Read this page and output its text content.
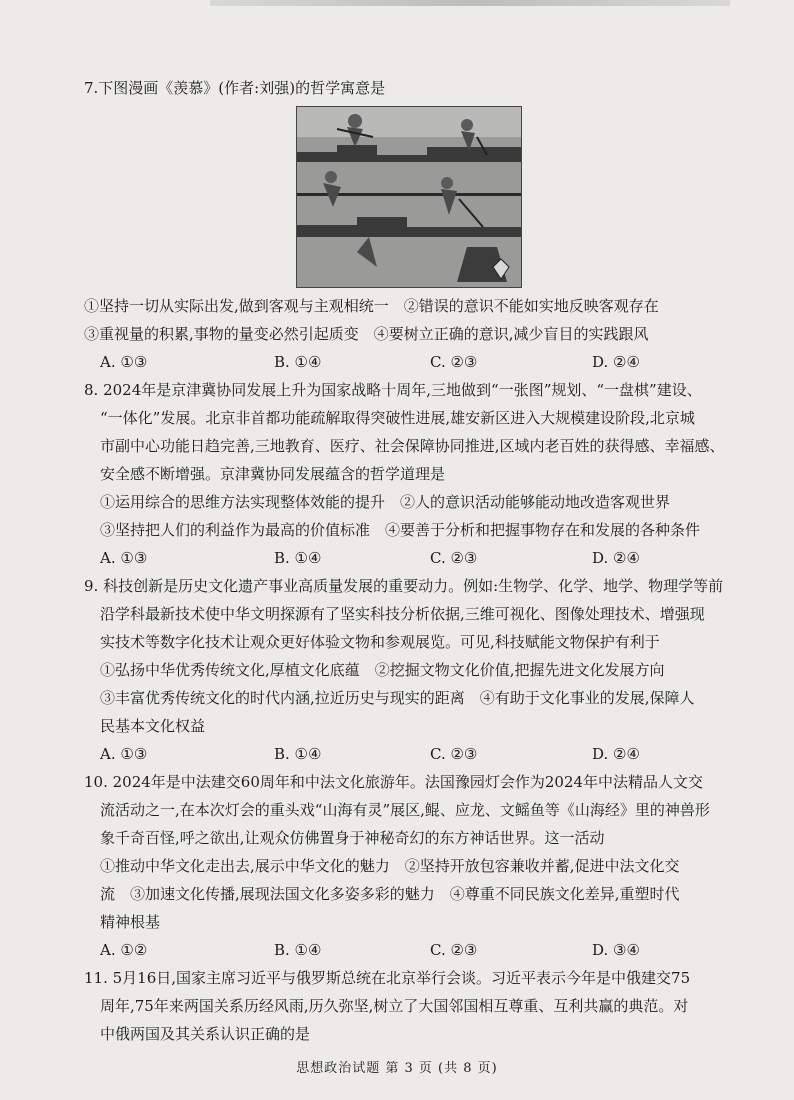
7.下图漫画《羡慕》(作者:刘强)的哲学寓意是
①坚持一切从实际出发,做到客观与主观相统一　②错误的意识不能如实地反映客观存在
③重视量的积累,事物的量变必然引起质变　④要树立正确的意识,减少盲目的实践跟风
A. ①③	B. ①④	C. ②③	D. ②④
8. 2024年是京津冀协同发展上升为国家战略十周年,三地做到“一张图”规划、“一盘棋”建设、
“一体化”发展。北京非首都功能疏解取得突破性进展,雄安新区进入大规模建设阶段,北京城
市副中心功能日趋完善,三地教育、医疗、社会保障协同推进,区域内老百姓的获得感、幸福感、
安全感不断增强。京津冀协同发展蕴含的哲学道理是
①运用综合的思维方法实现整体效能的提升　②人的意识活动能够能动地改造客观世界
③坚持把人们的利益作为最高的价值标准　④要善于分析和把握事物存在和发展的各种条件
A. ①③	B. ①④	C. ②③	D. ②④
9. 科技创新是历史文化遗产事业高质量发展的重要动力。例如:生物学、化学、地学、物理学等前
沿学科最新技术使中华文明探源有了坚实科技分析依据,三维可视化、图像处理技术、增强现
实技术等数字化技术让观众更好体验文物和参观展览。可见,科技赋能文物保护有利于
①弘扬中华优秀传统文化,厚植文化底蕴　②挖掘文物文化价值,把握先进文化发展方向
③丰富优秀传统文化的时代内涵,拉近历史与现实的距离　④有助于文化事业的发展,保障人
民基本文化权益
A. ①③	B. ①④	C. ②③	D. ②④
10. 2024年是中法建交60周年和中法文化旅游年。法国豫园灯会作为2024年中法精品人文交
流活动之一,在本次灯会的重头戏“山海有灵”展区,鲲、应龙、文鳐鱼等《山海经》里的神兽形
象千奇百怪,呼之欲出,让观众仿佛置身于神秘奇幻的东方神话世界。这一活动
①推动中华文化走出去,展示中华文化的魅力　②坚持开放包容兼收并蓄,促进中法文化交
流　③加速文化传播,展现法国文化多姿多彩的魅力　④尊重不同民族文化差异,重塑时代
精神根基
A. ①②	B. ①④	C. ②③	D. ③④
11. 5月16日,国家主席习近平与俄罗斯总统在北京举行会谈。习近平表示今年是中俄建交75
周年,75年来两国关系历经风雨,历久弥坚,树立了大国邻国相互尊重、互利共赢的典范。对
中俄两国及其关系认识正确的是
思想政治试题 第 3 页 (共 8 页)
